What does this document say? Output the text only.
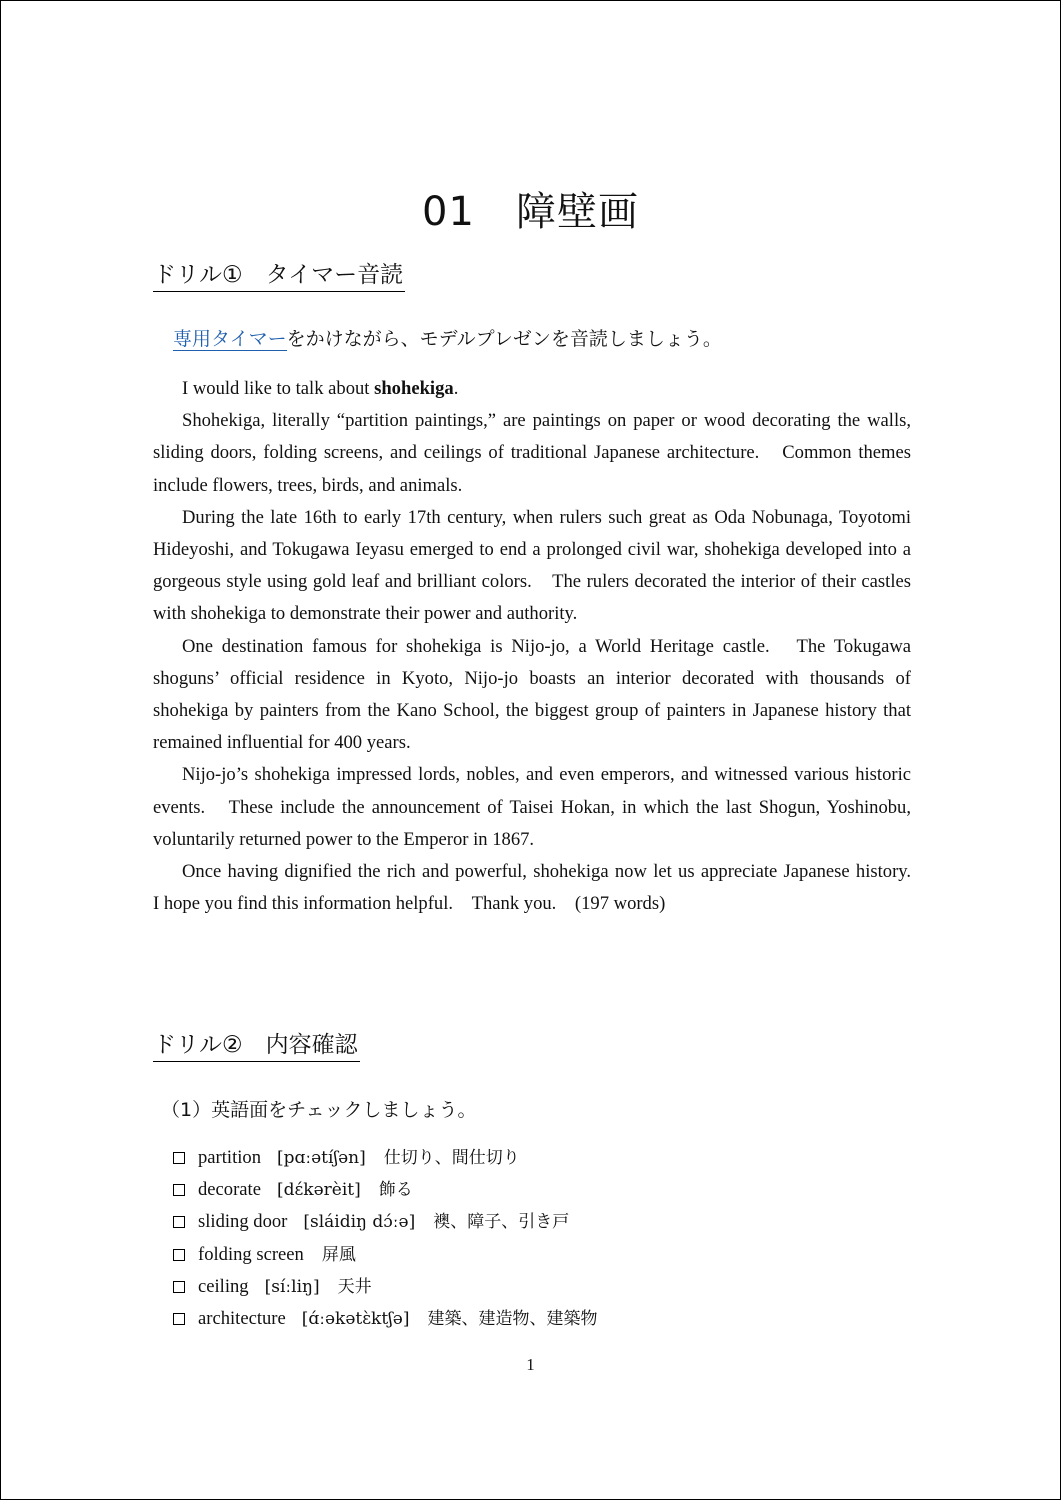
01　障壁画
ドリル①　タイマー音読
専用タイマーをかけながら、モデルプレゼンを音読しましょう。

I would like to talk about shohekiga.

Shohekiga, literally “partition paintings,” are paintings on paper or wood decorating the walls, sliding doors, folding screens, and ceilings of traditional Japanese architecture.　Common themes include flowers, trees, birds, and animals.

During the late 16th to early 17th century, when rulers such great as Oda Nobunaga, Toyotomi Hideyoshi, and Tokugawa Ieyasu emerged to end a prolonged civil war, shohekiga developed into a gorgeous style using gold leaf and brilliant colors.　The rulers decorated the interior of their castles with shohekiga to demonstrate their power and authority.

One destination famous for shohekiga is Nijo-jo, a World Heritage castle.　The Tokugawa shoguns’ official residence in Kyoto, Nijo-jo boasts an interior decorated with thousands of shohekiga by painters from the Kano School, the biggest group of painters in Japanese history that remained influential for 400 years.

Nijo-jo’s shohekiga impressed lords, nobles, and even emperors, and witnessed various historic events.　These include the announcement of Taisei Hokan, in which the last Shogun, Yoshinobu, voluntarily returned power to the Emperor in 1867.

Once having dignified the rich and powerful, shohekiga now let us appreciate Japanese history.　I hope you find this information helpful.　Thank you.　(197 words)

ドリル②　内容確認
（1）英語面をチェックしましょう。
partition [pɑːətíʃən] 仕切り、間仕切り
decorate [dɛ́kərèit] 飾る
sliding door [sláidiŋ dɔ́ːə] 襖、障子、引き戸
folding screen 屏風
ceiling [síːliŋ] 天井
architecture [ɑ́ːəkətɛ̀ktʃə] 建築、建造物、建築物
1
